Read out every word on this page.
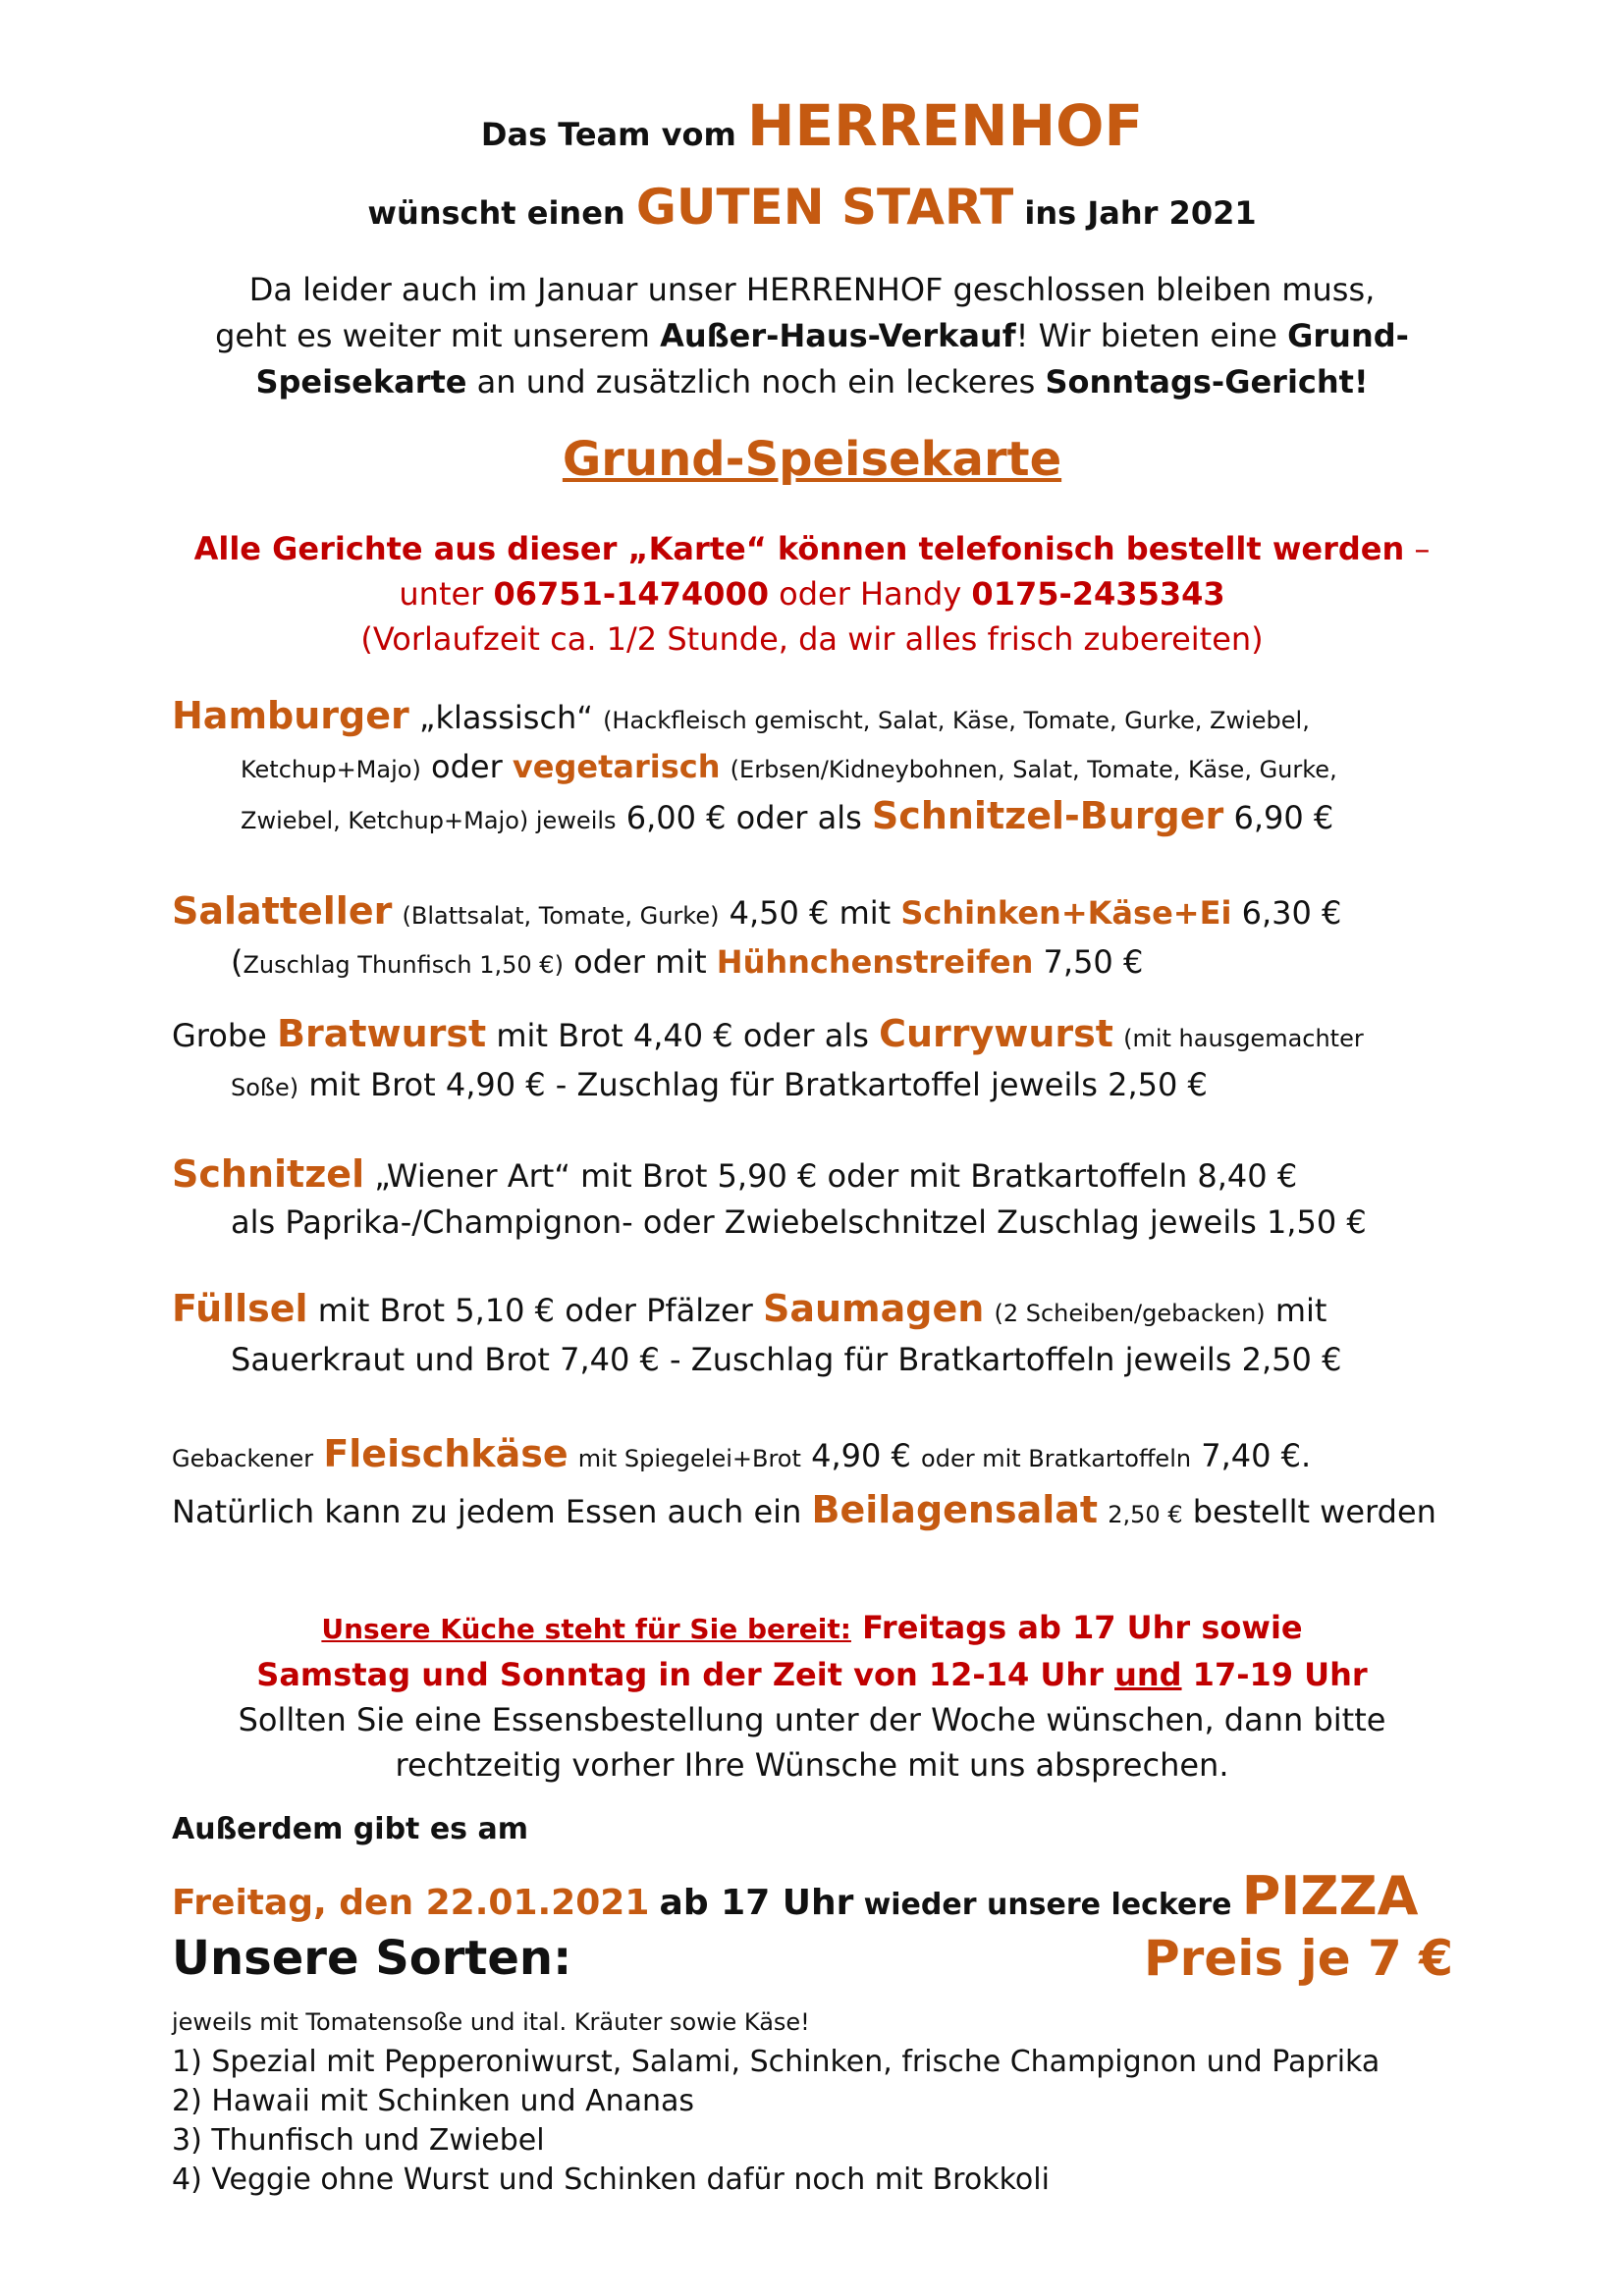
Das Team vom HERRENHOF
wünscht einen GUTEN START ins Jahr 2021

Da leider auch im Januar unser HERRENHOF geschlossen bleiben muss,

geht es weiter mit unserem Außer-Haus-Verkauf! Wir bieten eine Grund-

Speisekarte an und zusätzlich noch ein leckeres Sonntags-Gericht!

Grund-Speisekarte

Alle Gerichte aus dieser „Karte“ können telefonisch bestellt werden –

unter 06751-1474000 oder Handy 0175-2435343

(Vorlaufzeit ca. 1/2 Stunde, da wir alles frisch zubereiten)

Hamburger „klassisch“ (Hackfleisch gemischt, Salat, Käse, Tomate, Gurke, Zwiebel,
Ketchup+Majo) oder vegetarisch (Erbsen/Kidneybohnen, Salat, Tomate, Käse, Gurke,
Zwiebel, Ketchup+Majo) jeweils 6,00 € oder als Schnitzel-Burger 6,90 €
Salatteller (Blattsalat, Tomate, Gurke) 4,50 € mit Schinken+Käse+Ei 6,30 €
(Zuschlag Thunfisch 1,50 €) oder mit Hühnchenstreifen 7,50 €
Grobe Bratwurst mit Brot 4,40 € oder als Currywurst (mit hausgemachter
Soße) mit Brot 4,90 € - Zuschlag für Bratkartoffel jeweils 2,50 €
Schnitzel „Wiener Art“ mit Brot 5,90 € oder mit Bratkartoffeln 8,40 €
als Paprika-/Champignon- oder Zwiebelschnitzel Zuschlag jeweils 1,50 €
Füllsel mit Brot 5,10 € oder Pfälzer Saumagen (2 Scheiben/gebacken) mit
Sauerkraut und Brot 7,40 € - Zuschlag für Bratkartoffeln jeweils 2,50 €
Gebackener Fleischkäse mit Spiegelei+Brot 4,90 € oder mit Bratkartoffeln 7,40 €.
Natürlich kann zu jedem Essen auch ein Beilagensalat 2,50 € bestellt werden

Unsere Küche steht für Sie bereit: Freitags ab 17 Uhr sowie

Samstag und Sonntag in der Zeit von 12-14 Uhr und 17-19 Uhr

Sollten Sie eine Essensbestellung unter der Woche wünschen, dann bitte

rechtzeitig vorher Ihre Wünsche mit uns absprechen.

Außerdem gibt es am
Freitag, den 22.01.2021 ab 17 Uhr wieder unsere leckere PIZZA
Unsere Sorten:	Preis je 7 €
jeweils mit Tomatensoße und ital. Kräuter sowie Käse!
1) Spezial mit Pepperoniwurst, Salami, Schinken, frische Champignon und Paprika
2) Hawaii mit Schinken und Ananas
3) Thunfisch und Zwiebel
4) Veggie ohne Wurst und Schinken dafür noch mit Brokkoli
